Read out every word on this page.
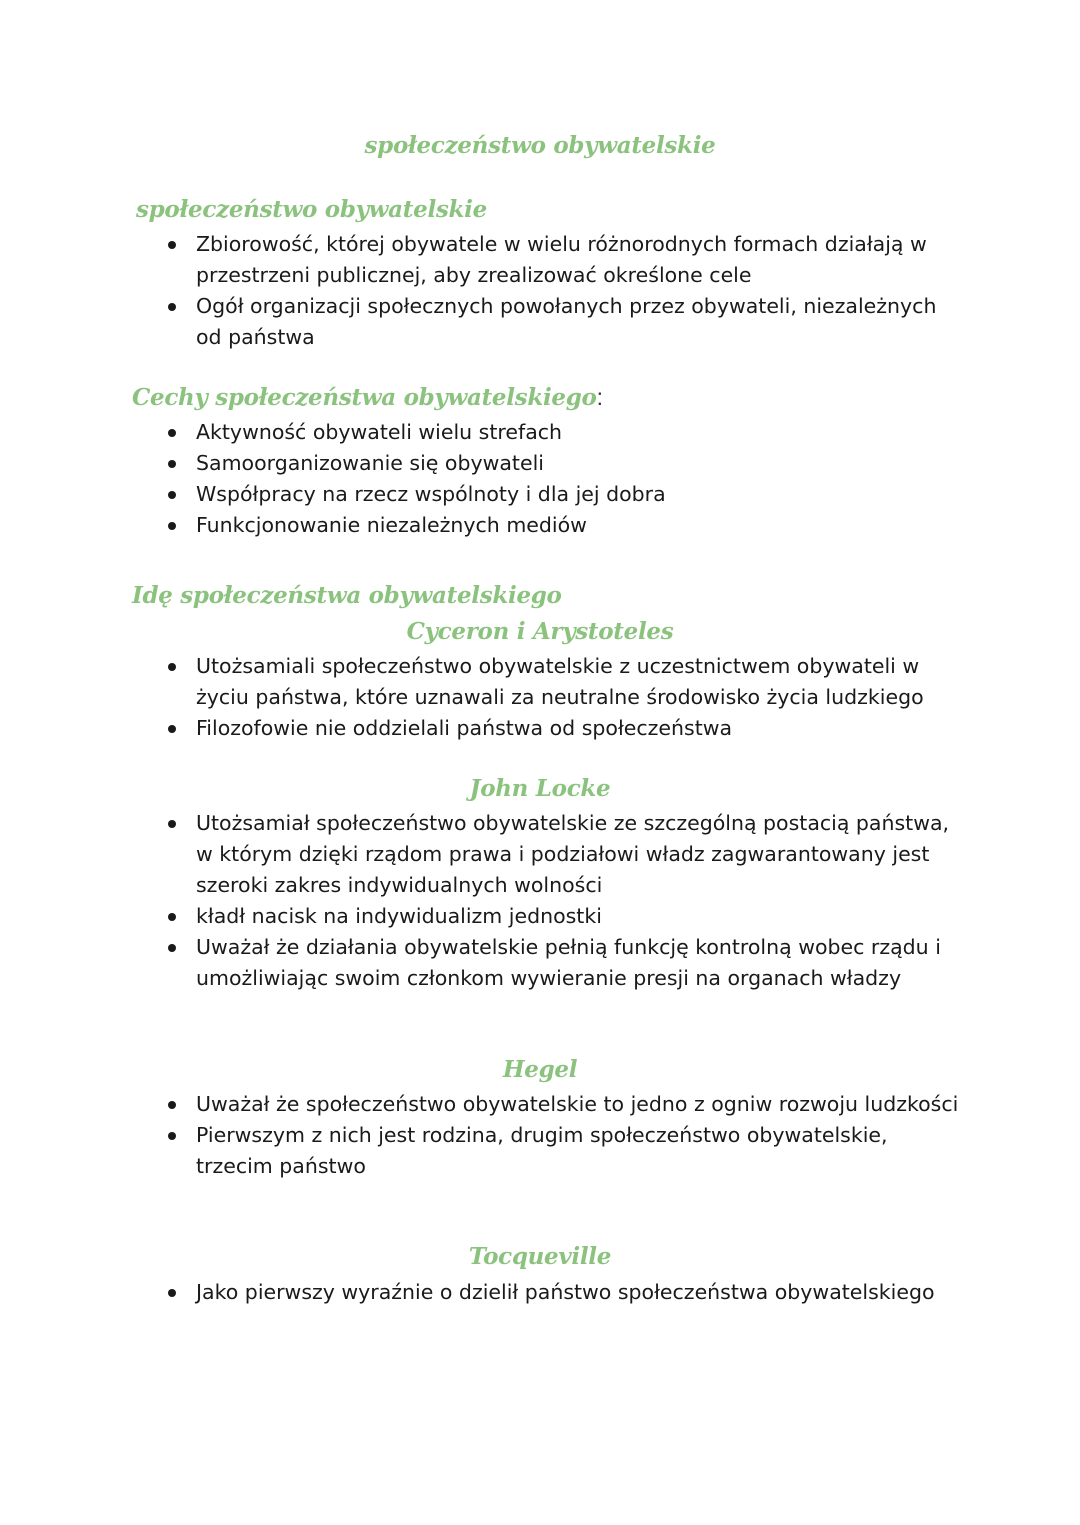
społeczeństwo obywatelskie
społeczeństwo obywatelskie
Zbiorowość, której obywatele w wielu różnorodnych formach działają w przestrzeni publicznej, aby zrealizować określone cele
Ogół organizacji społecznych powołanych przez obywateli, niezależnych od państwa
Cechy społeczeństwa obywatelskiego:
Aktywność obywateli wielu strefach
Samoorganizowanie się obywateli
Współpracy na rzecz wspólnoty i dla jej dobra
Funkcjonowanie niezależnych mediów
Idę społeczeństwa obywatelskiego
Cyceron i Arystoteles
Utożsamiali społeczeństwo obywatelskie z uczestnictwem obywateli w życiu państwa, które uznawali za neutralne środowisko życia ludzkiego
Filozofowie nie oddzielali państwa od społeczeństwa
John Locke
Utożsamiał społeczeństwo obywatelskie ze szczególną postacią państwa, w którym dzięki rządom prawa i podziałowi władz zagwarantowany jest szeroki zakres indywidualnych wolności
kładł nacisk na indywidualizm jednostki
Uważał że działania obywatelskie pełnią funkcję kontrolną wobec rządu i umożliwiając swoim członkom wywieranie presji na organach władzy
Hegel
Uważał że społeczeństwo obywatelskie to jedno z ogniw rozwoju ludzkości
Pierwszym z nich jest rodzina, drugim społeczeństwo obywatelskie, trzecim państwo
Tocqueville
Jako pierwszy wyraźnie o dzielił państwo społeczeństwa obywatelskiego
